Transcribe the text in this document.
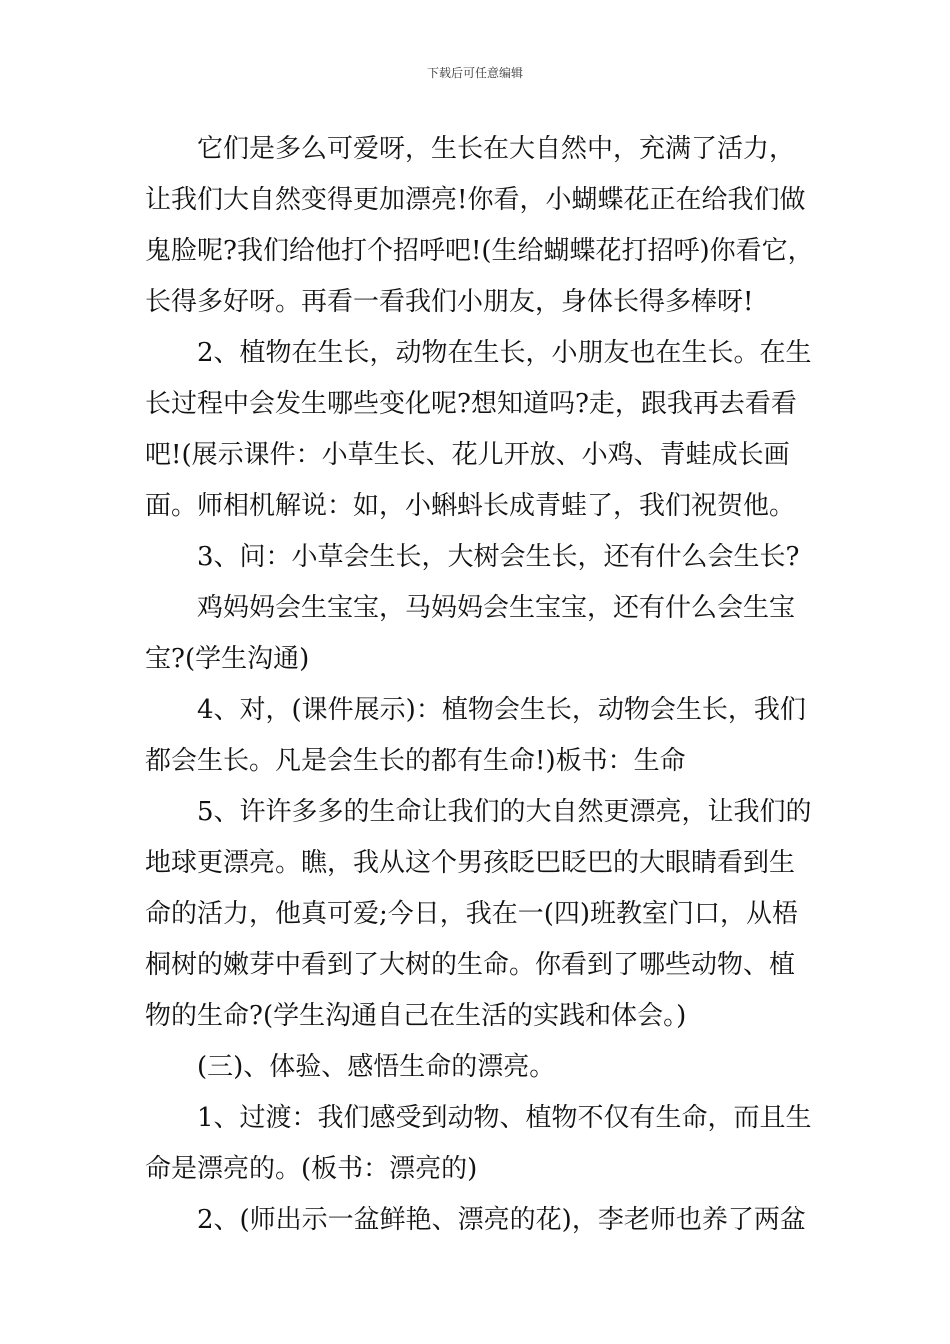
下载后可任意编辑
它们是多么可爱呀，生长在大自然中，充满了活力，
让我们大自然变得更加漂亮!你看，小蝴蝶花正在给我们做
鬼脸呢?我们给他打个招呼吧!(生给蝴蝶花打招呼)你看它，
长得多好呀。再看一看我们小朋友，身体长得多棒呀!
2、植物在生长，动物在生长，小朋友也在生长。在生
长过程中会发生哪些变化呢?想知道吗?走，跟我再去看看
吧!(展示课件：小草生长、花儿开放、小鸡、青蛙成长画
面。师相机解说：如，小蝌蚪长成青蛙了，我们祝贺他。
3、问：小草会生长，大树会生长，还有什么会生长?
鸡妈妈会生宝宝，马妈妈会生宝宝，还有什么会生宝
宝?(学生沟通)
4、对，(课件展示)：植物会生长，动物会生长，我们
都会生长。凡是会生长的都有生命!)板书：生命
5、许许多多的生命让我们的大自然更漂亮，让我们的
地球更漂亮。瞧，我从这个男孩眨巴眨巴的大眼睛看到生
命的活力，他真可爱;今日，我在一(四)班教室门口，从梧
桐树的嫩芽中看到了大树的生命。你看到了哪些动物、植
物的生命?(学生沟通自己在生活的实践和体会。)
(三)、体验、感悟生命的漂亮。
1、过渡：我们感受到动物、植物不仅有生命，而且生
命是漂亮的。(板书：漂亮的)
2、(师出示一盆鲜艳、漂亮的花)，李老师也养了两盆
